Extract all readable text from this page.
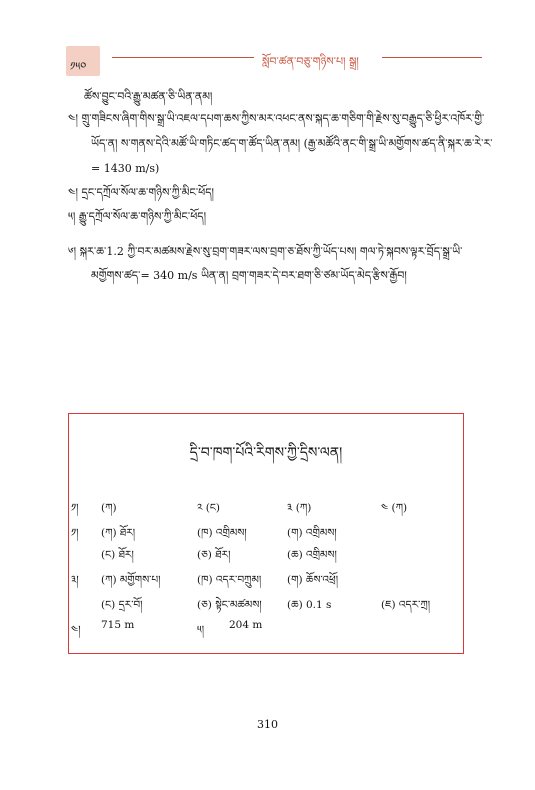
༡༥༠	སློབ་ཚན་བཅུ་གཉིས་པ། སྒྲ།
ཚོས་བྱུང་བའི་རྒྱུ་མཚན་ཅི་ཡིན་ནམ།
༤། གྲུ་གཟིངས་ཞིག་གིས་སྒྲ་ཡི་འཇལ་དཔག་ཆས་ཀྱིས་མར་འཕང་ནས་སྐད་ཆ་གཅིག་གི་རྗེས་སུ་བརྒྱུད་ཅི་ཕྱིར་འཁོར་གྱི་
ཡོད་ན། ས་གནས་དེའི་མཚོ་ཡི་གཏིང་ཚད་ག་ཚོད་ཡིན་ནམ། (རྒྱ་མཚོའི་ནང་གི་སྒྲ་ཡི་མགྱོགས་ཚད་ནི་སྐར་ཆ་རེ་ར་
= 1430 m/s)
༤། དྲང་དཀྲོལ་སོལ་ཆ་གཉིས་ཀྱི་མིང་ཕོད།
༥། རྒྱུ་དཀྲོལ་སོལ་ཆ་གཉིས་ཀྱི་མིང་ཕོད།
༦། སྐར་ཆ་1.2 ཀྱི་བར་མཚམས་རྗེས་སུ་བྲག་གཟར་ལས་བྲག་ཅ་ཐོས་ཀྱི་ཡོད་པས། གལ་ཏེ་སྐབས་ལྟར་བྲོད་སྒྲ་ཡི་
མགྱོགས་ཚད་= 340 m/s ཡིན་ན། བྲག་གཟར་དེ་བར་ཐག་ཅི་ཙམ་ཡོད་མེད་རྩིས་རྒྱོབ།
དྲི་བ་ཁག་པོའི་རིགས་ཀྱི་དྲིས་ལན།
༡། (ཀ)	༢ (ང)	༣ (ཀ)	༤ (ཀ)
༡། (ཀ) ཐོར།	(ཁ) འགྲིམས།	(ག) འགྲིམས།
(ང) ཐོར།	(ཅ) ཐོར།	(ཆ) འགྲིམས།
༣། (ཀ) མགྱོགས་པ།	(ཁ) འདར་བཀྲུམ། (ག) ཆོས་འཕྲོ།
(ང) དྲར་བོ།	(ཅ) སྟེང་མཚམས། (ཆ) 0.1 s	(ཇ) འདར་ཀྲ།
༤། 715 m	༥། 204 m
310
